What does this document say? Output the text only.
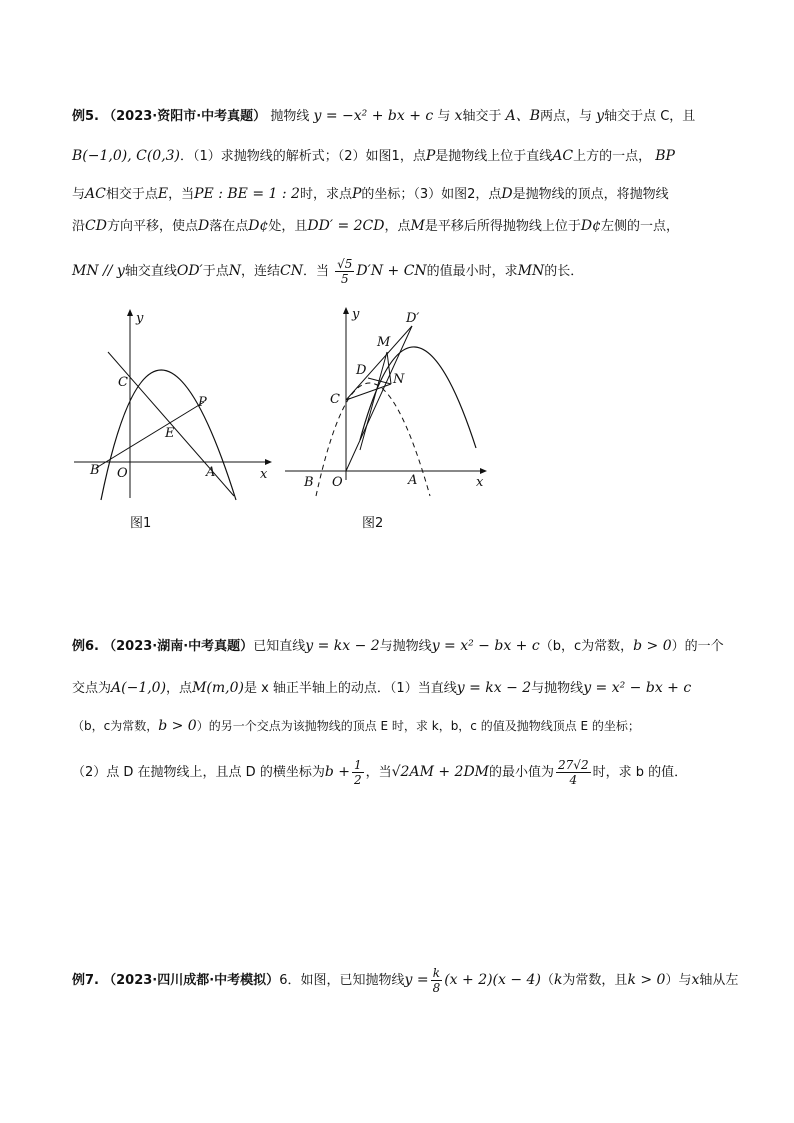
例5. （2023·资阳市·中考真题） 抛物线 y = −x² + bx + c 与 x轴交于 A、B两点，与 y轴交于点 C，且
B(−1,0), C(0,3)．（1）求抛物线的解析式；（2）如图1，点P是抛物线上位于直线AC上方的一点， BP
与AC相交于点E，当PE : BE = 1 : 2时，求点P的坐标；（3）如图2，点D是抛物线的顶点，将抛物线
沿CD方向平移，使点D落在点D¢处，且DD′ = 2CD，点M是平移后所得抛物线上位于D¢左侧的一点，
MN // y轴交直线OD′于点N，连结CN．当 $\frac{√5}{5} D'N$ + CN的值最小时，求MN的长．
C
P
E
B O	A	x
y
图1
D′
M
D
N
C
B O	A	x
y
图2
例6. （2023·湖南·中考真题）已知直线y = kx − 2与抛物线y = x² − bx + c（b，c为常数，b > 0）的一个
交点为A(−1,0)，点M(m,0)是 x 轴正半轴上的动点．（1）当直线y = kx − 2与抛物线y = x² − bx + c
（b，c为常数，b > 0）的另一个交点为该抛物线的顶点 E 时，求 k，b，c 的值及抛物线顶点 E 的坐标；
（2）点 D 在抛物线上，且点 D 的横坐标为$b + \frac{1}{2}$ ，当√2AM + 2DM的最小值为 $\frac{27√2}{4}$ 时，求 b 的值．
例7. （2023·四川成都·中考模拟）6．如图，已知抛物线$y = \frac{k}{8} (x + 2)(x - 4)(k$为常数，且k > 0）与x轴从左
